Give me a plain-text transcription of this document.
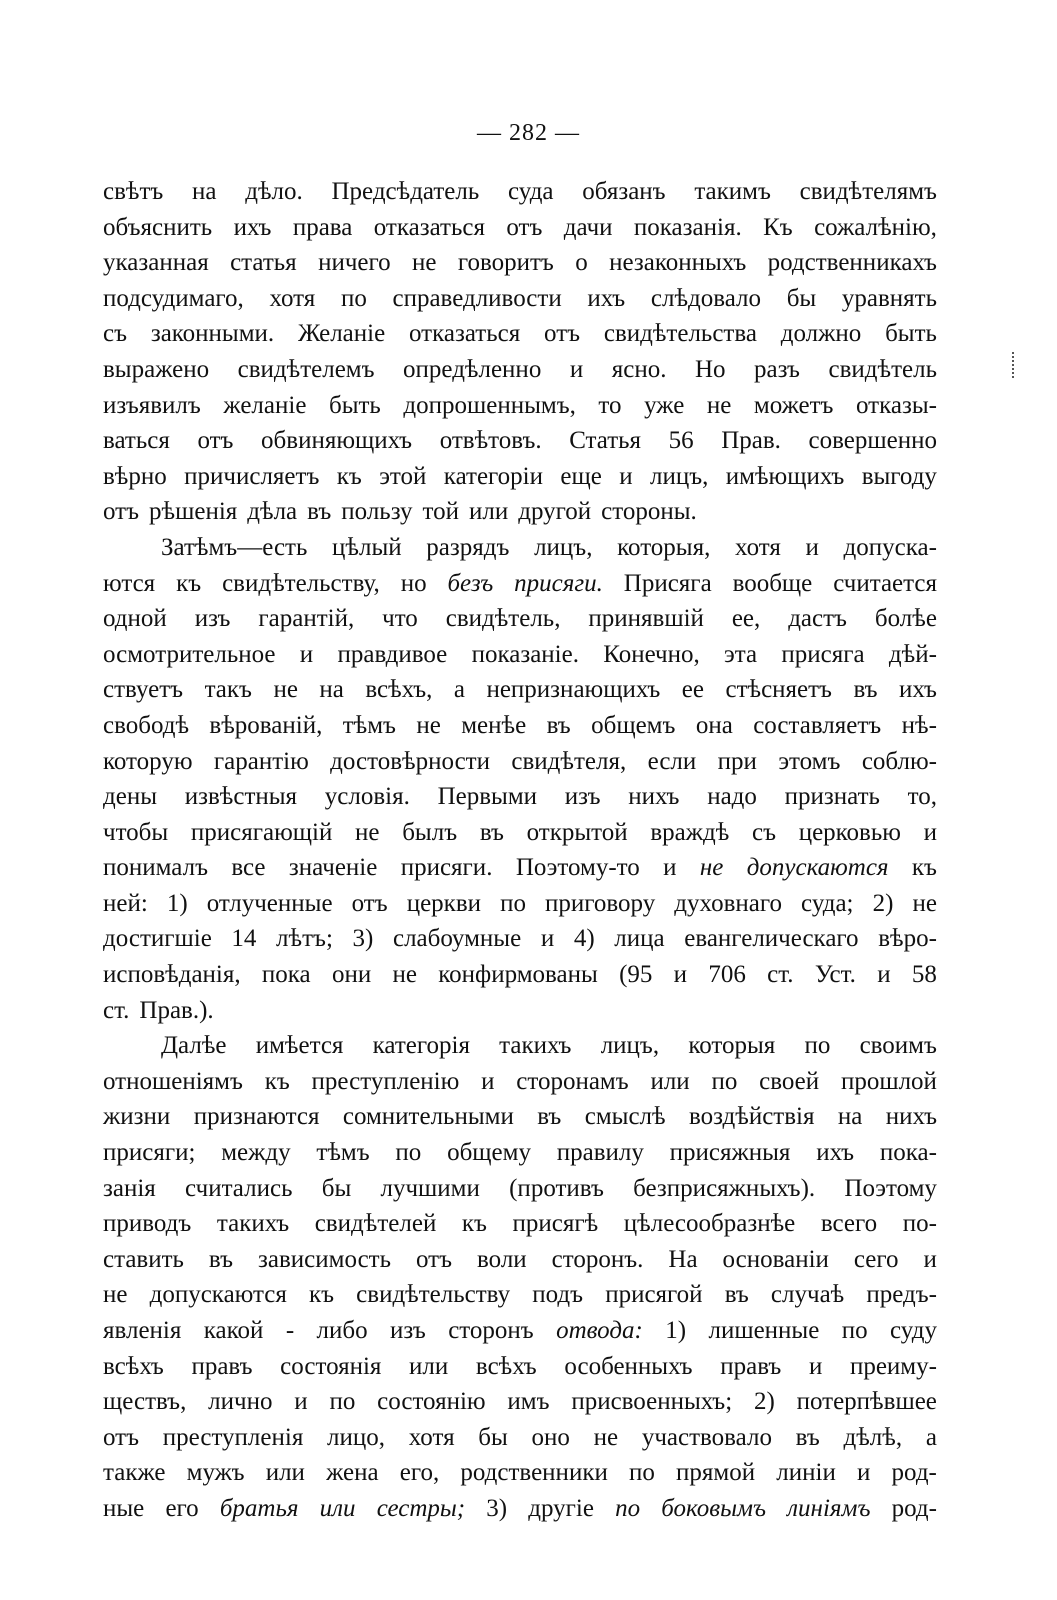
— 282 —
свѣтъ на дѣло. Предсѣдатель суда обязанъ такимъ свидѣтелямъ
объяснить ихъ права отказаться отъ дачи показанія. Къ сожалѣнію,
указанная статья ничего не говоритъ о незаконныхъ родственникахъ
подсудимаго, хотя по справедливости ихъ слѣдовало бы уравнять
съ законными. Желаніе отказаться отъ свидѣтельства должно быть
выражено свидѣтелемъ опредѣленно и ясно. Но разъ свидѣтель
изъявилъ желаніе быть допрошеннымъ, то уже не можетъ отказы-
ваться отъ обвиняющихъ отвѣтовъ. Статья 56 Прав. совершенно
вѣрно причисляетъ къ этой категоріи еще и лицъ, имѣющихъ выгоду
отъ рѣшенія дѣла въ пользу той или другой стороны.
Затѣмъ—есть цѣлый разрядъ лицъ, которыя, хотя и допуска-
ются къ свидѣтельству, но безъ присяги. Присяга вообще считается
одной изъ гарантій, что свидѣтель, принявшій ее, дастъ болѣе
осмотрительное и правдивое показаніе. Конечно, эта присяга дѣй-
ствуетъ такъ не на всѣхъ, а непризнающихъ ее стѣсняетъ въ ихъ
свободѣ вѣрованій, тѣмъ не менѣе въ общемъ она составляетъ нѣ-
которую гарантію достовѣрности свидѣтеля, если при этомъ соблю-
дены извѣстныя условія. Первыми изъ нихъ надо признать то,
чтобы присягающій не былъ въ открытой враждѣ съ церковью и
понималъ все значеніе присяги. Поэтому-то и не допускаются къ
ней: 1) отлученные отъ церкви по приговору духовнаго суда; 2) не
достигшіе 14 лѣтъ; 3) слабоумные и 4) лица евангелическаго вѣро-
исповѣданія, пока они не конфирмованы (95 и 706 ст. Уст. и 58
ст. Прав.).
Далѣе имѣется категорія такихъ лицъ, которыя по своимъ
отношеніямъ къ преступленію и сторонамъ или по своей прошлой
жизни признаются сомнительными въ смыслѣ воздѣйствія на нихъ
присяги; между тѣмъ по общему правилу присяжныя ихъ пока-
занія считались бы лучшими (противъ безприсяжныхъ). Поэтому
приводъ такихъ свидѣтелей къ присягѣ цѣлесообразнѣе всего по-
ставить въ зависимость отъ воли сторонъ. На основаніи сего и
не допускаются къ свидѣтельству подъ присягой въ случаѣ предъ-
явленія какой - либо изъ сторонъ отвода: 1) лишенные по суду
всѣхъ правъ состоянія или всѣхъ особенныхъ правъ и преиму-
ществъ, лично и по состоянію имъ присвоенныхъ; 2) потерпѣвшее
отъ преступленія лицо, хотя бы оно не участвовало въ дѣлѣ, а
также мужъ или жена его, родственники по прямой линіи и род-
ные его братья или сестры; 3) другіе по боковымъ линіямъ род-
